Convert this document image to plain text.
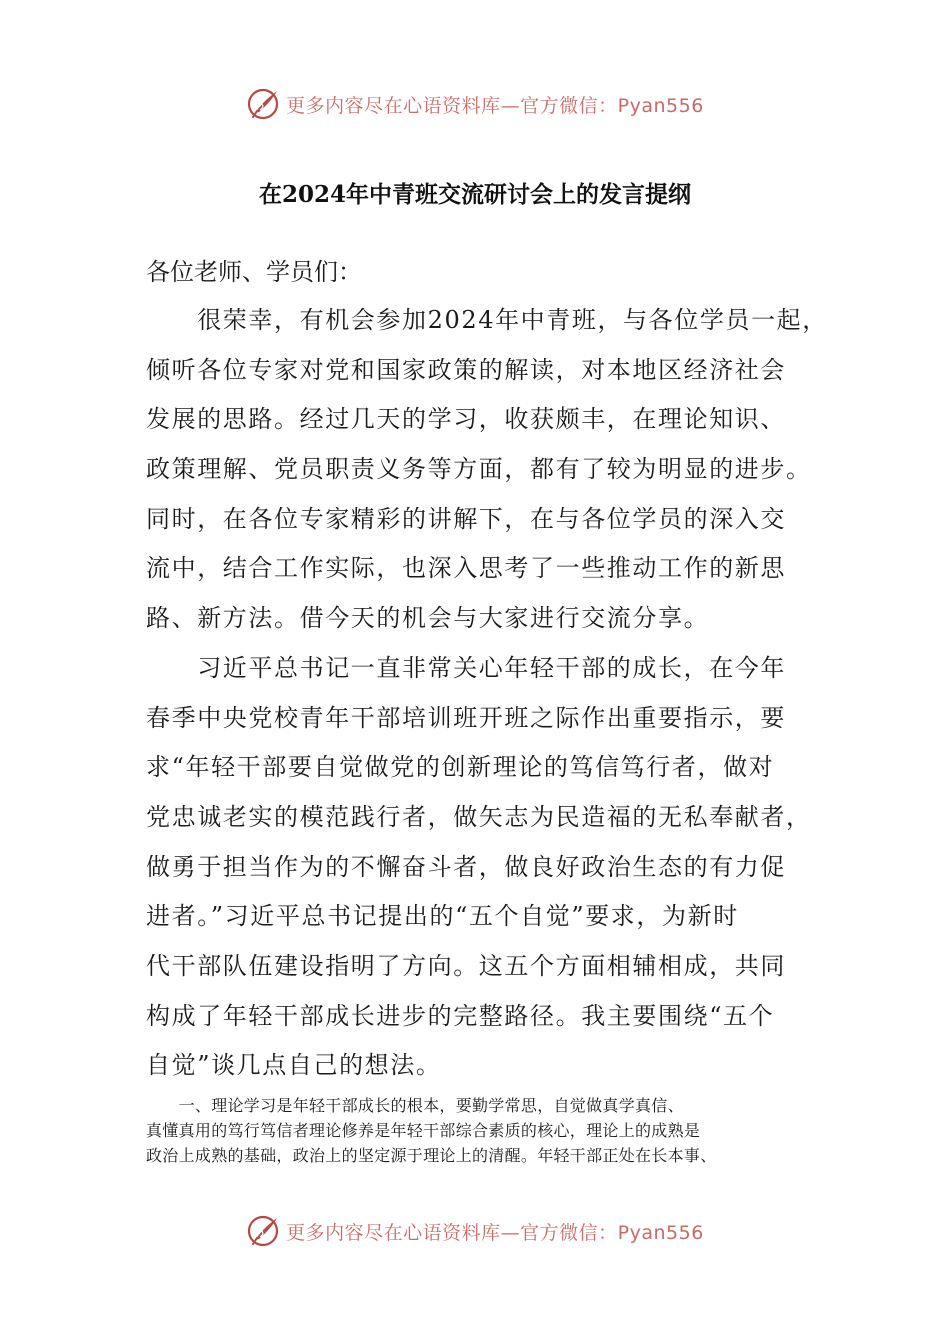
更多内容尽在心语资料库—官方微信：Pyan556
在2024年中青班交流研讨会上的发言提纲

各位老师、学员们：

　　很荣幸，有机会参加2024年中青班，与各位学员一起，
倾听各位专家对党和国家政策的解读，对本地区经济社会
发展的思路。经过几天的学习，收获颇丰，在理论知识、
政策理解、党员职责义务等方面，都有了较为明显的进步。
同时，在各位专家精彩的讲解下，在与各位学员的深入交
流中，结合工作实际，也深入思考了一些推动工作的新思
路、新方法。借今天的机会与大家进行交流分享。
　　习近平总书记一直非常关心年轻干部的成长，在今年
春季中央党校青年干部培训班开班之际作出重要指示，要
求“年轻干部要自觉做党的创新理论的笃信笃行者，做对
党忠诚老实的模范践行者，做矢志为民造福的无私奉献者，
做勇于担当作为的不懈奋斗者，做良好政治生态的有力促
进者。”习近平总书记提出的“五个自觉”要求，为新时
代干部队伍建设指明了方向。这五个方面相辅相成，共同
构成了年轻干部成长进步的完整路径。我主要围绕“五个
自觉”谈几点自己的想法。
　　一、理论学习是年轻干部成长的根本，要勤学常思，自觉做真学真信、
真懂真用的笃行笃信者理论修养是年轻干部综合素质的核心，理论上的成熟是
政治上成熟的基础，政治上的坚定源于理论上的清醒。年轻干部正处在长本事、
更多内容尽在心语资料库—官方微信：Pyan556
